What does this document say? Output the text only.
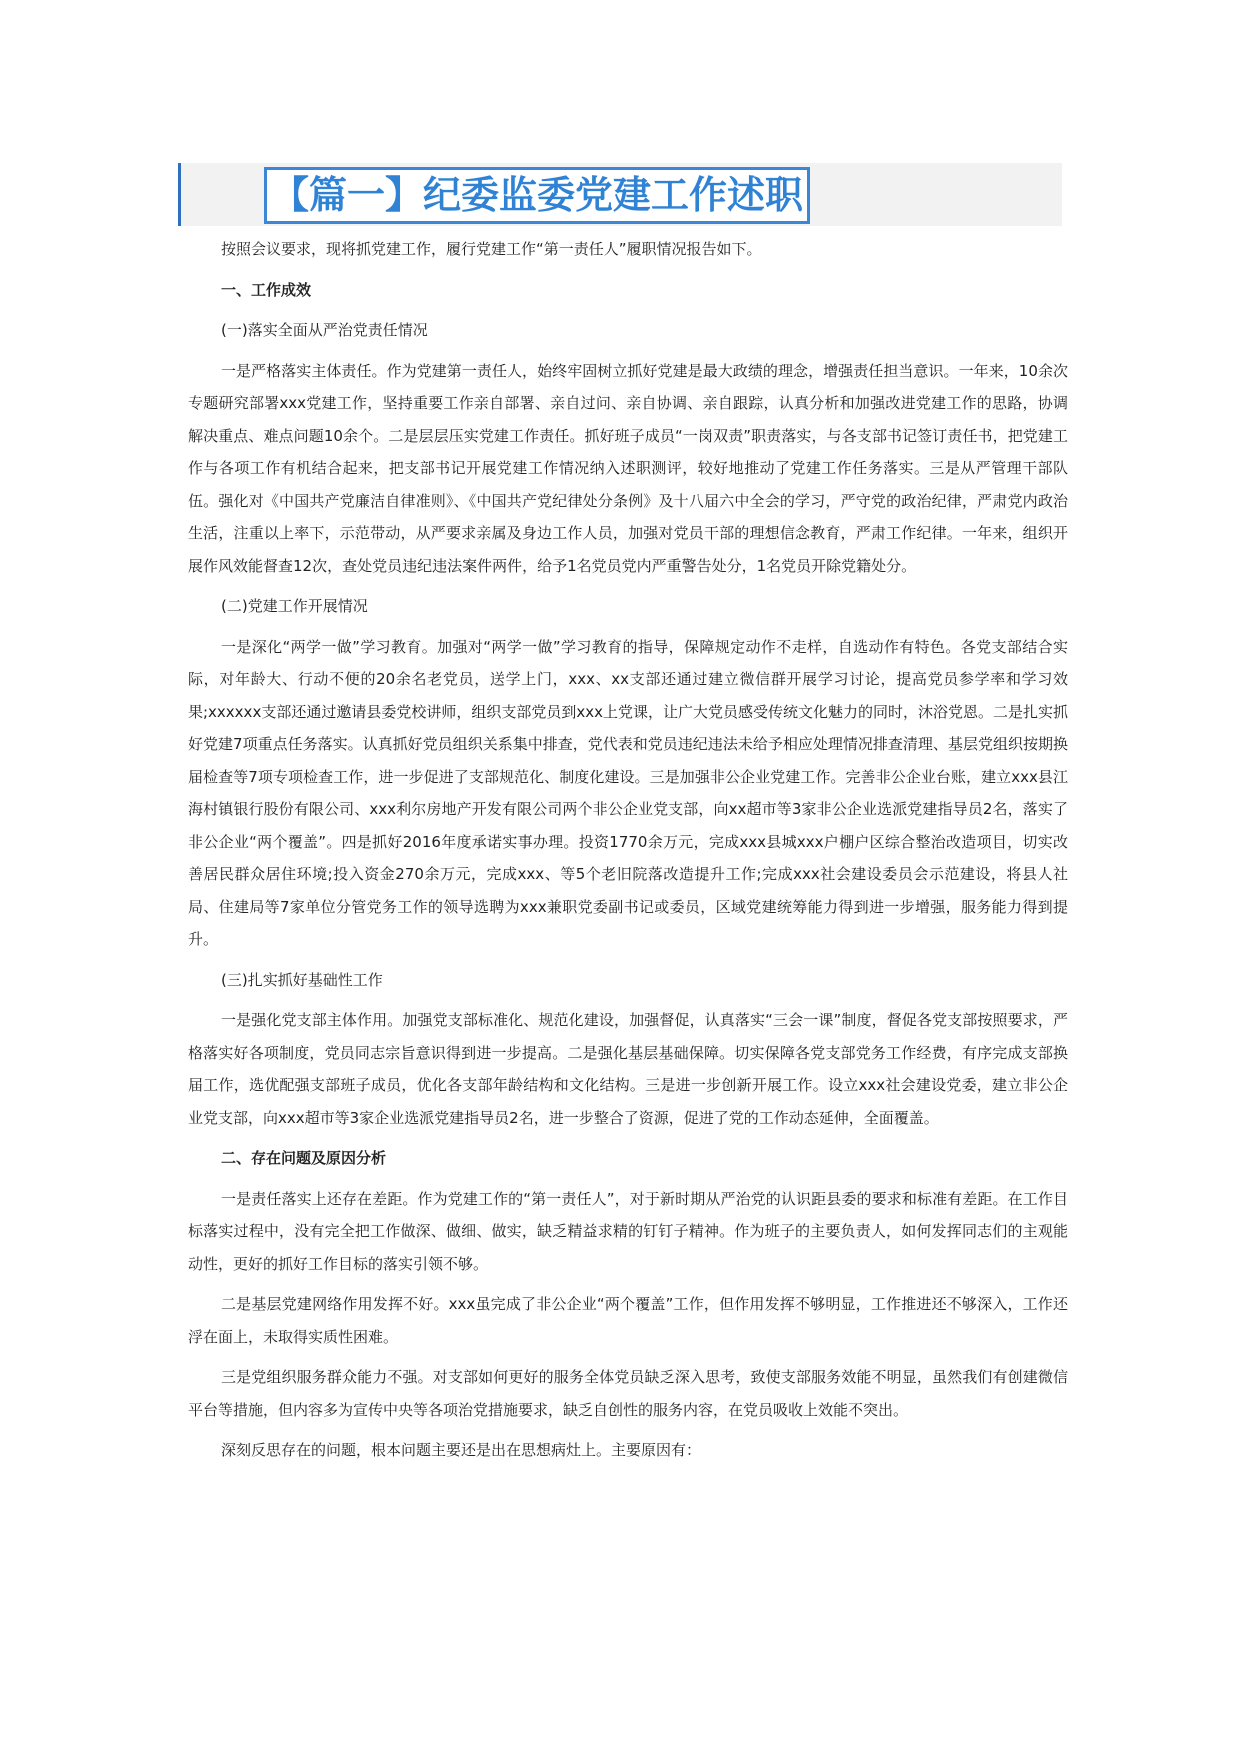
【篇一】纪委监委党建工作述职

按照会议要求，现将抓党建工作，履行党建工作“第一责任人”履职情况报告如下。

一、工作成效

(一)落实全面从严治党责任情况

一是严格落实主体责任。作为党建第一责任人，始终牢固树立抓好党建是最大政绩的理念，增强责任担当意识。一年来，10余次专题研究部署xxx党建工作，坚持重要工作亲自部署、亲自过问、亲自协调、亲自跟踪，认真分析和加强改进党建工作的思路，协调解决重点、难点问题10余个。二是层层压实党建工作责任。抓好班子成员“一岗双责”职责落实，与各支部书记签订责任书，把党建工作与各项工作有机结合起来，把支部书记开展党建工作情况纳入述职测评，较好地推动了党建工作任务落实。三是从严管理干部队伍。强化对《中国共产党廉洁自律准则》、《中国共产党纪律处分条例》及十八届六中全会的学习，严守党的政治纪律，严肃党内政治生活，注重以上率下，示范带动，从严要求亲属及身边工作人员，加强对党员干部的理想信念教育，严肃工作纪律。一年来，组织开展作风效能督查12次，查处党员违纪违法案件两件，给予1名党员党内严重警告处分，1名党员开除党籍处分。

(二)党建工作开展情况

一是深化“两学一做”学习教育。加强对“两学一做”学习教育的指导，保障规定动作不走样，自选动作有特色。各党支部结合实际，对年龄大、行动不便的20余名老党员，送学上门，xxx、xx支部还通过建立微信群开展学习讨论，提高党员参学率和学习效果;xxxxxx支部还通过邀请县委党校讲师，组织支部党员到xxx上党课，让广大党员感受传统文化魅力的同时，沐浴党恩。二是扎实抓好党建7项重点任务落实。认真抓好党员组织关系集中排查，党代表和党员违纪违法未给予相应处理情况排查清理、基层党组织按期换届检查等7项专项检查工作，进一步促进了支部规范化、制度化建设。三是加强非公企业党建工作。完善非公企业台账，建立xxx县江海村镇银行股份有限公司、xxx利尔房地产开发有限公司两个非公企业党支部，向xx超市等3家非公企业选派党建指导员2名，落实了非公企业“两个覆盖”。四是抓好2016年度承诺实事办理。投资1770余万元，完成xxx县城xxx户棚户区综合整治改造项目，切实改善居民群众居住环境;投入资金270余万元，完成xxx、等5个老旧院落改造提升工作;完成xxx社会建设委员会示范建设，将县人社局、住建局等7家单位分管党务工作的领导选聘为xxx兼职党委副书记或委员，区域党建统筹能力得到进一步增强，服务能力得到提升。

(三)扎实抓好基础性工作

一是强化党支部主体作用。加强党支部标准化、规范化建设，加强督促，认真落实“三会一课”制度，督促各党支部按照要求，严格落实好各项制度，党员同志宗旨意识得到进一步提高。二是强化基层基础保障。切实保障各党支部党务工作经费，有序完成支部换届工作，选优配强支部班子成员，优化各支部年龄结构和文化结构。三是进一步创新开展工作。设立xxx社会建设党委，建立非公企业党支部，向xxx超市等3家企业选派党建指导员2名，进一步整合了资源，促进了党的工作动态延伸，全面覆盖。

二、存在问题及原因分析

一是责任落实上还存在差距。作为党建工作的“第一责任人”，对于新时期从严治党的认识距县委的要求和标准有差距。在工作目标落实过程中，没有完全把工作做深、做细、做实，缺乏精益求精的钉钉子精神。作为班子的主要负责人，如何发挥同志们的主观能动性，更好的抓好工作目标的落实引领不够。

二是基层党建网络作用发挥不好。xxx虽完成了非公企业“两个覆盖”工作，但作用发挥不够明显，工作推进还不够深入，工作还浮在面上，未取得实质性困难。

三是党组织服务群众能力不强。对支部如何更好的服务全体党员缺乏深入思考，致使支部服务效能不明显，虽然我们有创建微信平台等措施，但内容多为宣传中央等各项治党措施要求，缺乏自创性的服务内容，在党员吸收上效能不突出。

深刻反思存在的问题，根本问题主要还是出在思想病灶上。主要原因有：
